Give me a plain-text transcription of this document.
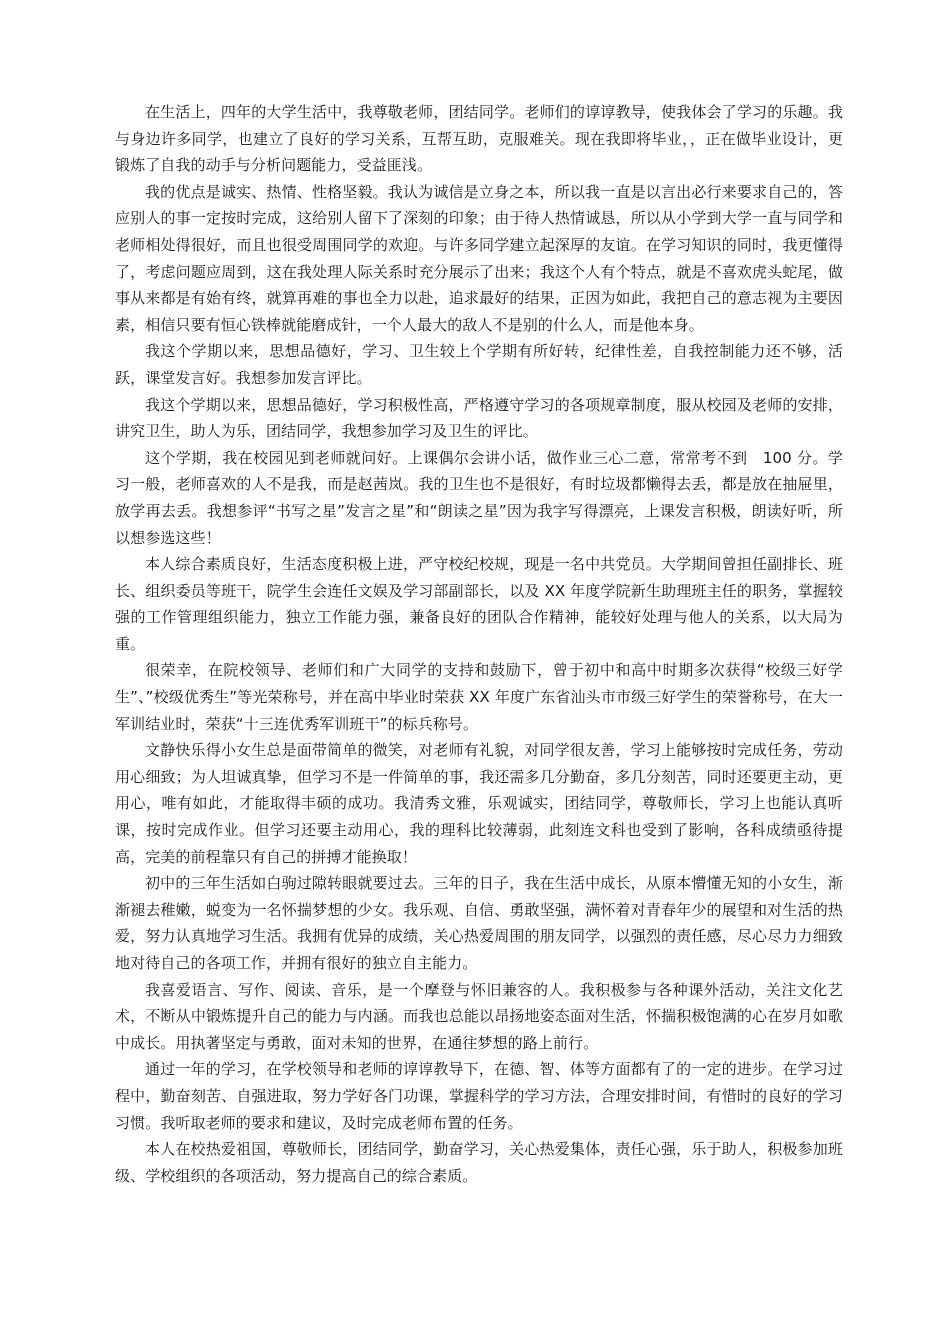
在生活上，四年的大学生活中，我尊敬老师，团结同学。老师们的谆谆教导，使我体会了学习的乐趣。我与身边许多同学，也建立了良好的学习关系，互帮互助，克服难关。现在我即将毕业，，正在做毕业设计，更锻炼了自我的动手与分析问题能力，受益匪浅。

我的优点是诚实、热情、性格坚毅。我认为诚信是立身之本，所以我一直是以言出必行来要求自己的，答应别人的事一定按时完成，这给别人留下了深刻的印象；由于待人热情诚恳，所以从小学到大学一直与同学和老师相处得很好，而且也很受周围同学的欢迎。与许多同学建立起深厚的友谊。在学习知识的同时，我更懂得了，考虑问题应周到，这在我处理人际关系时充分展示了出来；我这个人有个特点，就是不喜欢虎头蛇尾，做事从来都是有始有终，就算再难的事也全力以赴，追求最好的结果，正因为如此，我把自己的意志视为主要因素，相信只要有恒心铁棒就能磨成针，一个人最大的敌人不是别的什么人，而是他本身。

我这个学期以来，思想品德好，学习、卫生较上个学期有所好转，纪律性差，自我控制能力还不够，活跃，课堂发言好。我想参加发言评比。

我这个学期以来，思想品德好，学习积极性高，严格遵守学习的各项规章制度，服从校园及老师的安排，讲究卫生，助人为乐，团结同学，我想参加学习及卫生的评比。

这个学期，我在校园见到老师就问好。上课偶尔会讲小话，做作业三心二意，常常考不到　100 分。学习一般，老师喜欢的人不是我，而是赵茜岚。我的卫生也不是很好，有时垃圾都懒得去丢，都是放在抽屉里，放学再去丢。我想参评“书写之星”发言之星”和“朗读之星”因为我字写得漂亮，上课发言积极，朗读好听，所以想参选这些！

本人综合素质良好，生活态度积极上进，严守校纪校规，现是一名中共党员。大学期间曾担任副排长、班长、组织委员等班干，院学生会连任文娱及学习部副部长，以及 XX 年度学院新生助理班主任的职务，掌握较强的工作管理组织能力，独立工作能力强，兼备良好的团队合作精神，能较好处理与他人的关系，以大局为重。

很荣幸，在院校领导、老师们和广大同学的支持和鼓励下，曾于初中和高中时期多次获得“校级三好学生”、”校级优秀生”等光荣称号，并在高中毕业时荣获 XX 年度广东省汕头市市级三好学生的荣誉称号，在大一军训结业时，荣获“十三连优秀军训班干”的标兵称号。

文静快乐得小女生总是面带简单的微笑，对老师有礼貌，对同学很友善，学习上能够按时完成任务，劳动用心细致；为人坦诚真挚，但学习不是一件简单的事，我还需多几分勤奋，多几分刻苦，同时还要更主动，更用心，唯有如此，才能取得丰硕的成功。我清秀文雅，乐观诚实，团结同学，尊敬师长，学习上也能认真听课，按时完成作业。但学习还要主动用心，我的理科比较薄弱，此刻连文科也受到了影响，各科成绩亟待提高，完美的前程靠只有自己的拼搏才能换取！

初中的三年生活如白驹过隙转眼就要过去。三年的日子，我在生活中成长，从原本懵懂无知的小女生，渐渐褪去稚嫩，蜕变为一名怀揣梦想的少女。我乐观、自信、勇敢坚强，满怀着对青春年少的展望和对生活的热爱，努力认真地学习生活。我拥有优异的成绩，关心热爱周围的朋友同学，以强烈的责任感，尽心尽力力细致地对待自己的各项工作，并拥有很好的独立自主能力。

我喜爱语言、写作、阅读、音乐，是一个摩登与怀旧兼容的人。我积极参与各种课外活动，关注文化艺术，不断从中锻炼提升自己的能力与内涵。而我也总能以昂扬地姿态面对生活，怀揣积极饱满的心在岁月如歌中成长。用执著坚定与勇敢，面对未知的世界，在通往梦想的路上前行。

通过一年的学习，在学校领导和老师的谆谆教导下，在德、智、体等方面都有了的一定的进步。在学习过程中，勤奋刻苦、自强进取，努力学好各门功课，掌握科学的学习方法，合理安排时间，有惜时的良好的学习习惯。我听取老师的要求和建议，及时完成老师布置的任务。

本人在校热爱祖国，尊敬师长，团结同学，勤奋学习，关心热爱集体，责任心强，乐于助人，积极参加班级、学校组织的各项活动，努力提高自己的综合素质。
